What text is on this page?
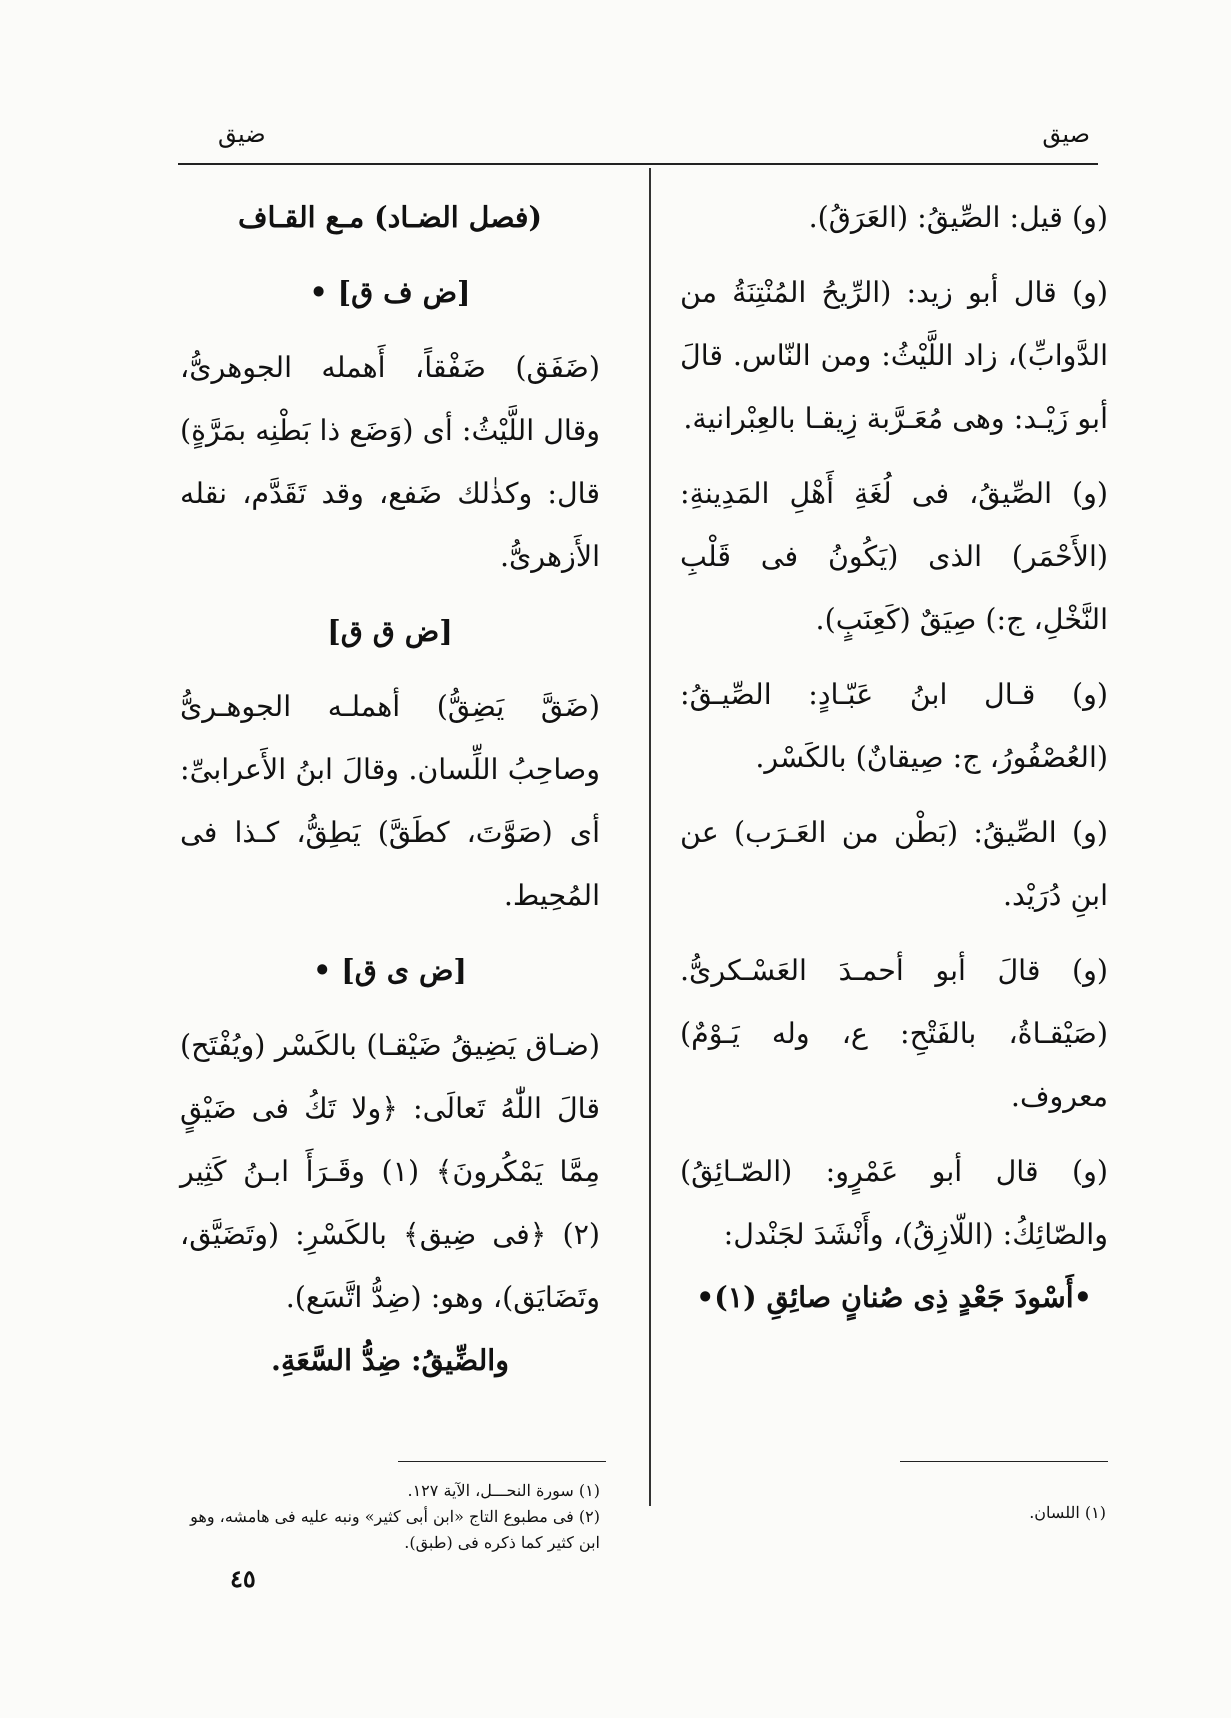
صيق
ضيق

(و) قيل: الصِّيقُ: (العَرَقُ).

(و) قال أبو زيد: (الرِّيحُ المُنْتِنَةُ من الدَّوابِّ)، زاد اللَّيْثُ: ومن النّاس. قالَ أبو زَيْـد: وهى مُعَـرَّبة زِيقـا بالعِبْرانية.

(و) الصِّيقُ، فى لُغَةِ أَهْلِ المَدِينةِ: (الأَحْمَر) الذى (يَكُونُ فى قَلْبِ النَّخْلِ، ج:) صِيَقٌ (كَعِنَبٍ).

(و) قـال ابنُ عَبّـادٍ: الصِّيـقُ: (العُصْفُورُ، ج: صِيقانٌ) بالكَسْر.

(و) الصِّيقُ: (بَطْن من العَـرَب) عن ابنِ دُرَيْد.

(و) قالَ أبو أحمـدَ العَسْـكرىُّ. (صَيْقـاةُ، بالفَتْحِ: ع، وله يَـوْمٌ) معروف.

(و) قال أبو عَمْرٍو: (الصّـائِقُ) والصّائِكُ: (اللّازِقُ)، وأَنْشَدَ لجَنْدل:

•أَسْودَ جَعْدٍ ذِى صُنانٍ صائِقِ (١)•

(فصل الضـاد) مـع القـاف

[ض ف ق] •

(ضَفَق) ضَفْقاً، أَهمله الجوهرىُّ، وقال اللَّيْثُ: أى (وَضَع ذا بَطْنِه بمَرَّةٍ) قال: وكذٰلك ضَفع، وقد تَقَدَّم، نقله الأَزهرىُّ.

[ض ق ق]

(ضَقَّ يَضِقُّ) أهملـه الجوهـرىُّ وصاحِبُ اللِّسان. وقالَ ابنُ الأَعرابىِّ: أى (صَوَّتَ، كطَقَّ) يَطِقُّ، كـذا فى المُحِيط.

[ض ى ق] •

(ضـاق يَضِيقُ ضَيْقـا) بالكَسْر (ويُفْتَح) قالَ اللّٰهُ تَعالَى: ﴿ولا تَكُ فى ضَيْقٍ مِمَّا يَمْكُرونَ﴾ (١) وقَـرَأَ ابـنُ كَثِير (٢) ﴿فى ضِيق﴾ بالكَسْرِ: (وتَضَيَّق، وتَضَايَق)، وهو: (ضِدُّ اتَّسَع).

والضِّيقُ: ضِدُّ السَّعَةِ.

(١) سورة النحـــل، الآية ١٢٧.
(٢) فى مطبوع التاج «ابن أبى كثير» ونبه عليه فى هامشه، وهو ابن كثير كما ذكره فى (طبق).
(١) اللسان.
٤٥
